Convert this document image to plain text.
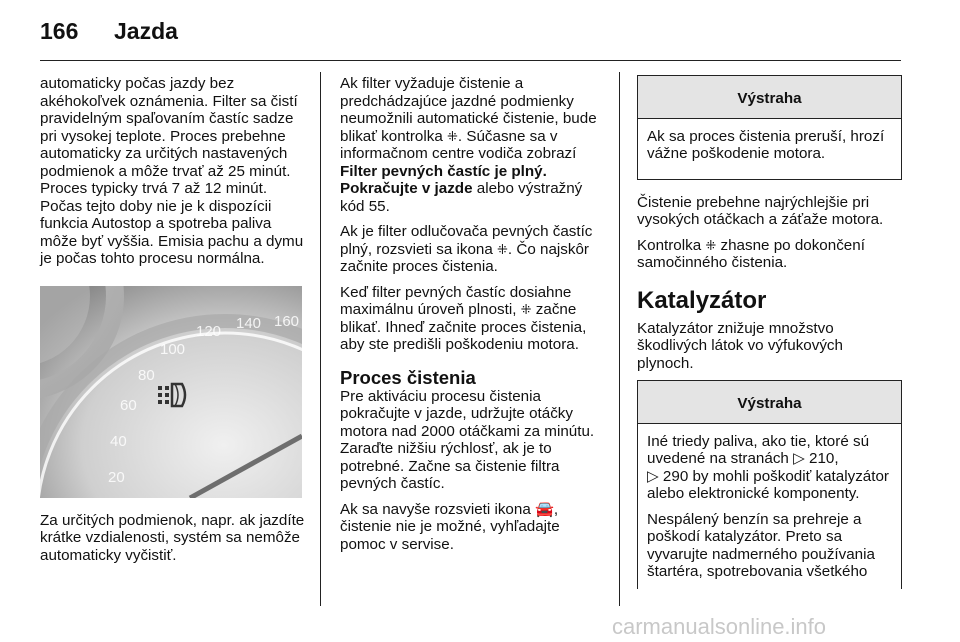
166 Jazda

automaticky počas jazdy bez akéhokoľvek oznámenia. Filter sa čistí pravidelným spaľovaním častíc sadze pri vysokej teplote. Proces prebehne automaticky za určitých nastavených podmienok a môže trvať až 25 minút. Proces typicky trvá 7 až 12 minút. Počas tejto doby nie je k dispozícii funkcia Autostop a spotreba paliva môže byť vyššia. Emisia pachu a dymu je počas tohto procesu normálna.

20
40
60
80
100
120 140 160

Za určitých podmienok, napr. ak jazdíte krátke vzdialenosti, systém sa nemôže automaticky vyčistiť.

Ak filter vyžaduje čistenie a predchádzajúce jazdné podmienky neumožnili automatické čistenie, bude blikať kontrolka ⁜. Súčasne sa v informačnom centre vodiča zobrazí Filter pevných častíc je plný. Pokračujte v jazde alebo výstražný kód 55.

Ak je filter odlučovača pevných častíc plný, rozsvieti sa ikona ⁜. Čo najskôr začnite proces čistenia.

Keď filter pevných častíc dosiahne maximálnu úroveň plnosti, ⁜ začne blikať. Ihneď začnite proces čistenia, aby ste predišli poškodeniu motora.

Proces čistenia

Pre aktiváciu procesu čistenia pokračujte v jazde, udržujte otáčky motora nad 2000 otáčkami za minútu. Zaraďte nižšiu rýchlosť, ak je to potrebné. Začne sa čistenie filtra pevných častíc.

Ak sa navyše rozsvieti ikona 🚘, čistenie nie je možné, vyhľadajte pomoc v servise.

Výstraha

Ak sa proces čistenia preruší, hrozí vážne poškodenie motora.

Čistenie prebehne najrýchlejšie pri vysokých otáčkach a záťaže motora.

Kontrolka ⁜ zhasne po dokončení samočinného čistenia.

Katalyzátor

Katalyzátor znižuje množstvo škodlivých látok vo výfukových plynoch.

Výstraha

Iné triedy paliva, ako tie, ktoré sú uvedené na stranách ▷ 210,
▷ 290 by mohli poškodiť katalyzátor alebo elektronické komponenty.

Nespálený benzín sa prehreje a poškodí katalyzátor. Preto sa vyvarujte nadmerného používania štartéra, spotrebovania všetkého

carmanualsonline.info
